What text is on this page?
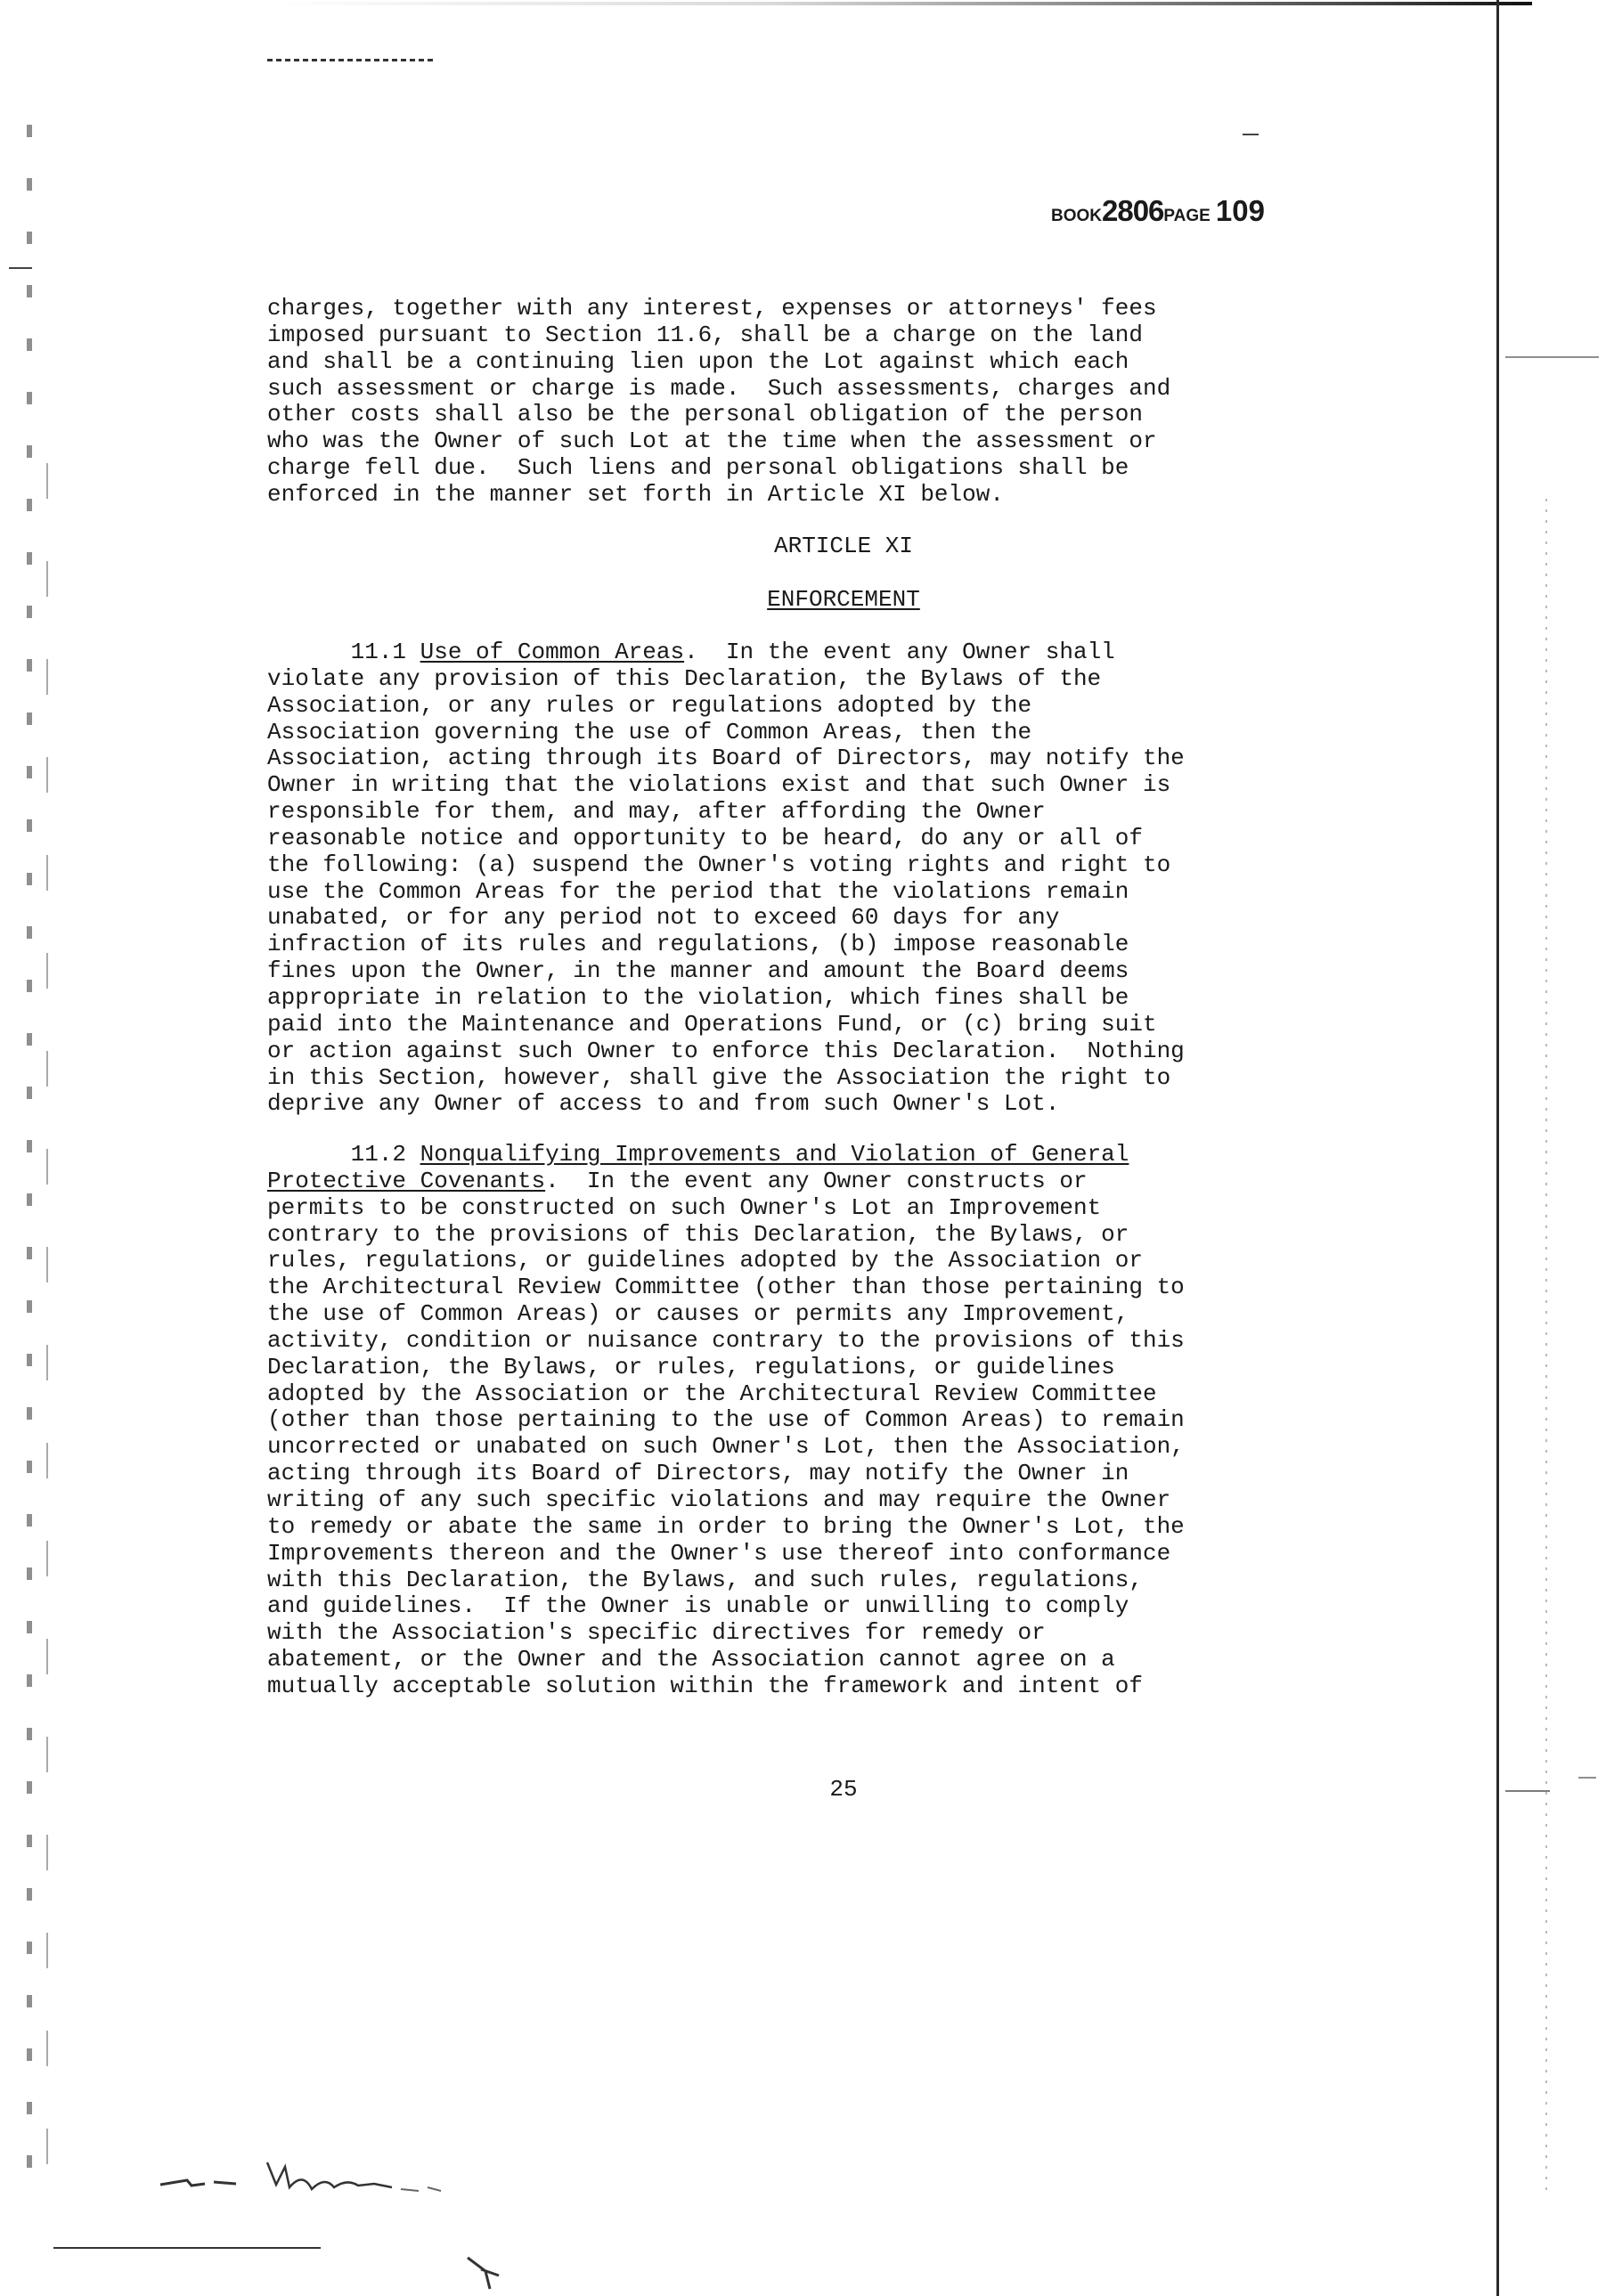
BOOK2806PAGE 109
charges, together with any interest, expenses or attorneys' fees
imposed pursuant to Section 11.6, shall be a charge on the land
and shall be a continuing lien upon the Lot against which each
such assessment or charge is made.  Such assessments, charges and
other costs shall also be the personal obligation of the person
who was the Owner of such Lot at the time when the assessment or
charge fell due.  Such liens and personal obligations shall be
enforced in the manner set forth in Article XI below.
ARTICLE XI
ENFORCEMENT
11.1 Use of Common Areas.  In the event any Owner shall
violate any provision of this Declaration, the Bylaws of the
Association, or any rules or regulations adopted by the
Association governing the use of Common Areas, then the
Association, acting through its Board of Directors, may notify the
Owner in writing that the violations exist and that such Owner is
responsible for them, and may, after affording the Owner
reasonable notice and opportunity to be heard, do any or all of
the following: (a) suspend the Owner's voting rights and right to
use the Common Areas for the period that the violations remain
unabated, or for any period not to exceed 60 days for any
infraction of its rules and regulations, (b) impose reasonable
fines upon the Owner, in the manner and amount the Board deems
appropriate in relation to the violation, which fines shall be
paid into the Maintenance and Operations Fund, or (c) bring suit
or action against such Owner to enforce this Declaration.  Nothing
in this Section, however, shall give the Association the right to
deprive any Owner of access to and from such Owner's Lot.
11.2 Nonqualifying Improvements and Violation of General
Protective Covenants.  In the event any Owner constructs or
permits to be constructed on such Owner's Lot an Improvement
contrary to the provisions of this Declaration, the Bylaws, or
rules, regulations, or guidelines adopted by the Association or
the Architectural Review Committee (other than those pertaining to
the use of Common Areas) or causes or permits any Improvement,
activity, condition or nuisance contrary to the provisions of this
Declaration, the Bylaws, or rules, regulations, or guidelines
adopted by the Association or the Architectural Review Committee
(other than those pertaining to the use of Common Areas) to remain
uncorrected or unabated on such Owner's Lot, then the Association,
acting through its Board of Directors, may notify the Owner in
writing of any such specific violations and may require the Owner
to remedy or abate the same in order to bring the Owner's Lot, the
Improvements thereon and the Owner's use thereof into conformance
with this Declaration, the Bylaws, and such rules, regulations,
and guidelines.  If the Owner is unable or unwilling to comply
with the Association's specific directives for remedy or
abatement, or the Owner and the Association cannot agree on a
mutually acceptable solution within the framework and intent of
25
